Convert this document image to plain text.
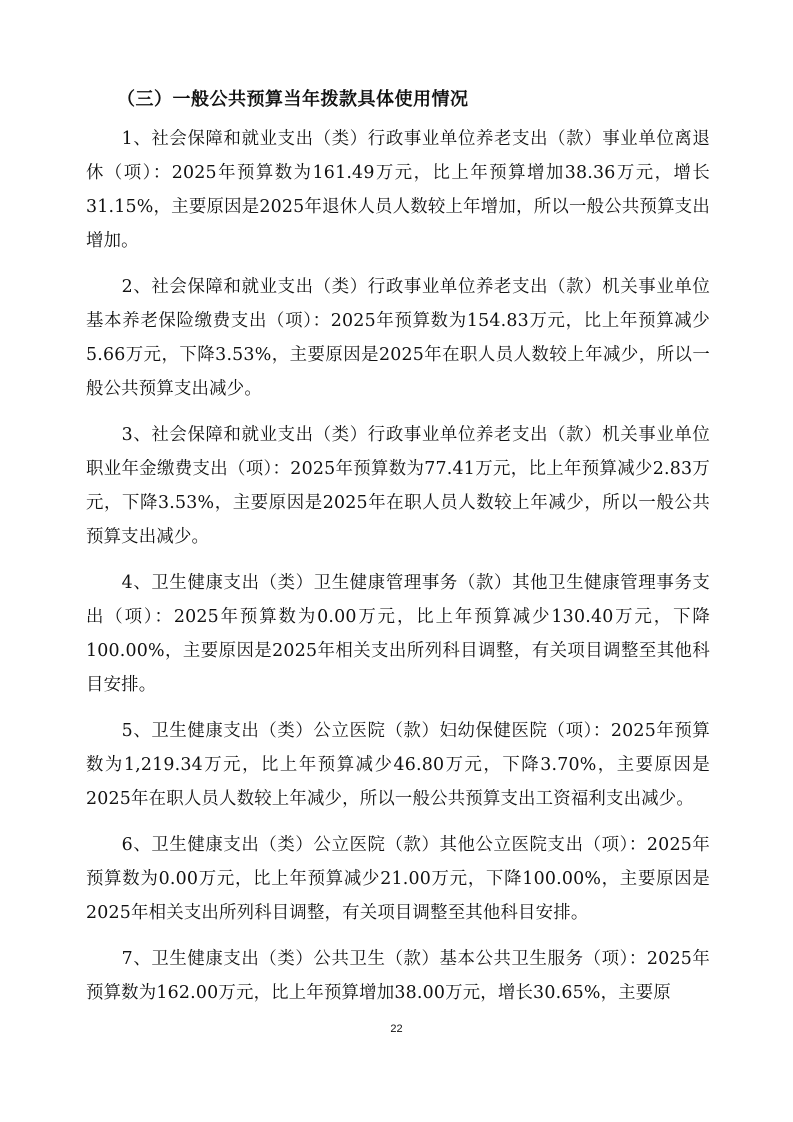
（三）一般公共预算当年拨款具体使用情况

1、社会保障和就业支出（类）行政事业单位养老支出（款）事业单位离退休（项）：2025年预算数为161.49万元，比上年预算增加38.36万元，增长31.15%，主要原因是2025年退休人员人数较上年增加，所以一般公共预算支出增加。

2、社会保障和就业支出（类）行政事业单位养老支出（款）机关事业单位基本养老保险缴费支出（项）：2025年预算数为154.83万元，比上年预算减少5.66万元，下降3.53%，主要原因是2025年在职人员人数较上年减少，所以一般公共预算支出减少。

3、社会保障和就业支出（类）行政事业单位养老支出（款）机关事业单位职业年金缴费支出（项）：2025年预算数为77.41万元，比上年预算减少2.83万元，下降3.53%，主要原因是2025年在职人员人数较上年减少，所以一般公共预算支出减少。

4、卫生健康支出（类）卫生健康管理事务（款）其他卫生健康管理事务支出（项）：2025年预算数为0.00万元，比上年预算减少130.40万元，下降100.00%，主要原因是2025年相关支出所列科目调整，有关项目调整至其他科目安排。

5、卫生健康支出（类）公立医院（款）妇幼保健医院（项）：2025年预算数为1,219.34万元，比上年预算减少46.80万元，下降3.70%，主要原因是2025年在职人员人数较上年减少，所以一般公共预算支出工资福利支出减少。

6、卫生健康支出（类）公立医院（款）其他公立医院支出（项）：2025年预算数为0.00万元，比上年预算减少21.00万元，下降100.00%，主要原因是2025年相关支出所列科目调整，有关项目调整至其他科目安排。

7、卫生健康支出（类）公共卫生（款）基本公共卫生服务（项）：2025年预算数为162.00万元，比上年预算增加38.00万元，增长30.65%，主要原

22
